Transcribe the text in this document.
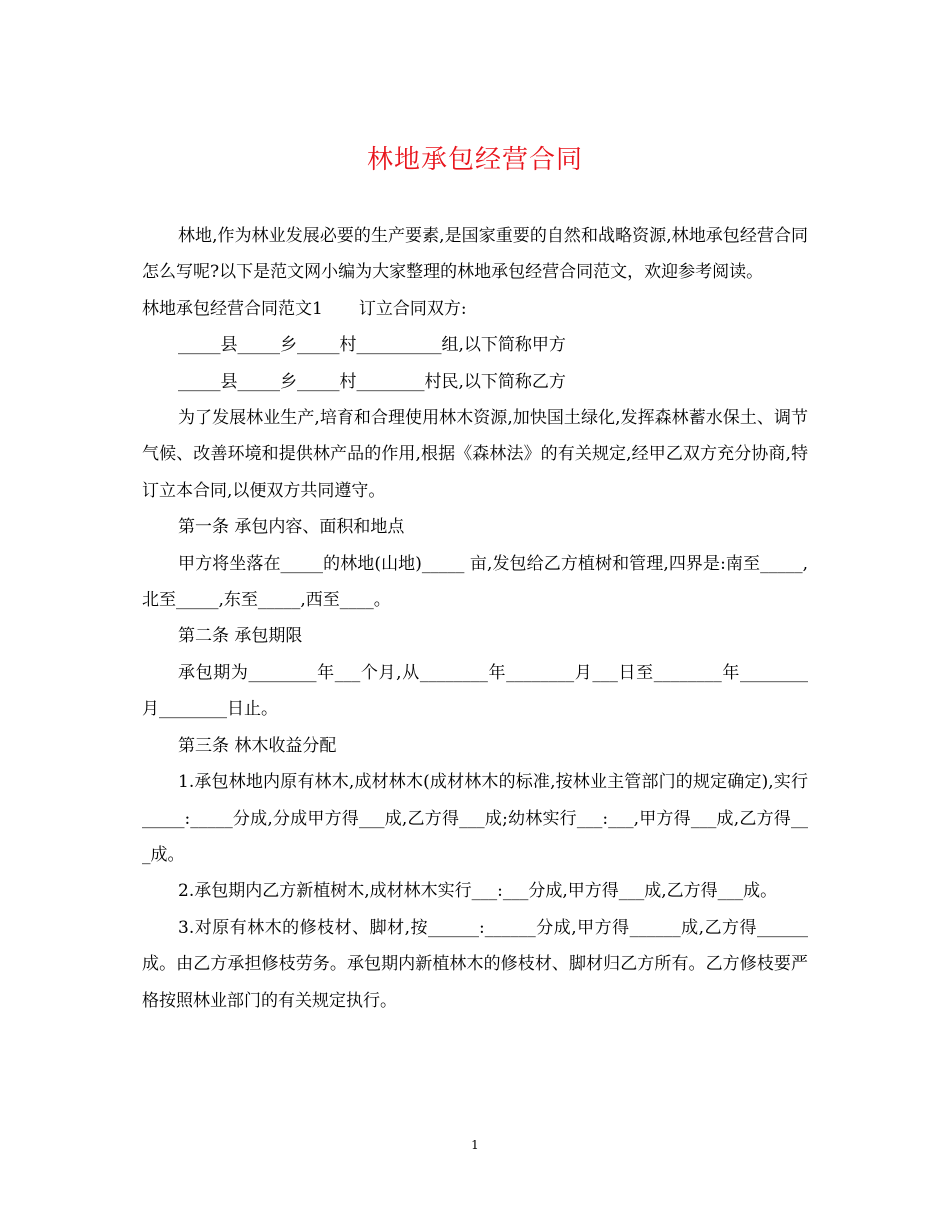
林地承包经营合同

林地,作为林业发展必要的生产要素,是国家重要的自然和战略资源,林地承包经营合同怎么写呢?以下是范文网小编为大家整理的林地承包经营合同范文，欢迎参考阅读。

林地承包经营合同范文1 订立合同双方:

_____县_____乡_____村__________组,以下简称甲方

_____县_____乡_____村________村民,以下简称乙方

为了发展林业生产,培育和合理使用林木资源,加快国土绿化,发挥森林蓄水保土、调节气候、改善环境和提供林产品的作用,根据《森林法》的有关规定,经甲乙双方充分协商,特订立本合同,以便双方共同遵守。

第一条 承包内容、面积和地点

甲方将坐落在_____的林地(山地)_____ 亩,发包给乙方植树和管理,四界是:南至_____,北至_____,东至_____,西至____。

第二条 承包期限

承包期为________年___个月,从________年________月___日至________年________月________日止。

第三条 林木收益分配

1.承包林地内原有林木,成材林木(成材林木的标准,按林业主管部门的规定确定),实行_____:_____分成,分成甲方得___成,乙方得___成;幼林实行___:___,甲方得___成,乙方得___成。

2.承包期内乙方新植树木,成材林木实行___:___分成,甲方得___成,乙方得___成。

3.对原有林木的修枝材、脚材,按______:______分成,甲方得______成,乙方得______成。由乙方承担修枝劳务。承包期内新植林木的修枝材、脚材归乙方所有。乙方修枝要严格按照林业部门的有关规定执行。

1
